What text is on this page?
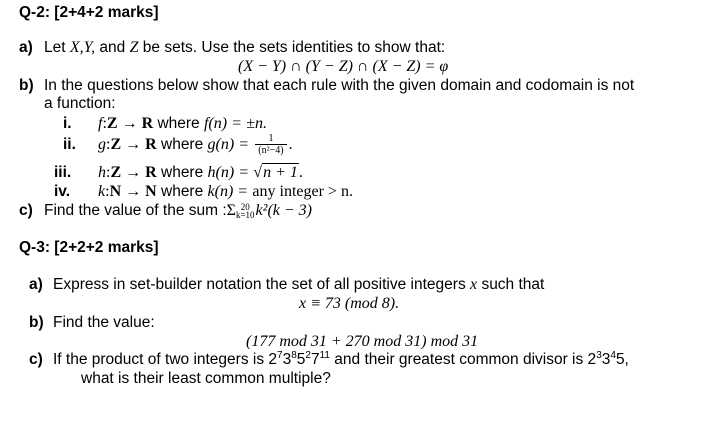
Q-2: [2+4+2 marks]
a) Let X,Y, and Z be sets. Use the sets identities to show that:
(X − Y) ∩ (Y − Z) ∩ (X − Z) = φ
b) In the questions below show that each rule with the given domain and codomain is not
a function:
i. f:Z → R where f(n) = ±n.
ii. g:Z → R where $g(n) = \frac{1}{\text{(n²−4)}}$ .
iii. h:Z → R where h(n) = √n + 1.
iv. k:N → N where k(n) = any integer > n.
c) Find the value of the sum :Σ 20
k=10 k²(k − 3)
Q-3: [2+2+2 marks]
a) Express in set-builder notation the set of all positive integers x such that
x ≡ 73 (mod 8).
b) Find the value:
(177 mod 31 + 270 mod 31) mod 31
c) If the product of two integers is $2^73^85^27^{11}$ and their greatest common divisor is $2^33^45$,
what is their least common multiple?
